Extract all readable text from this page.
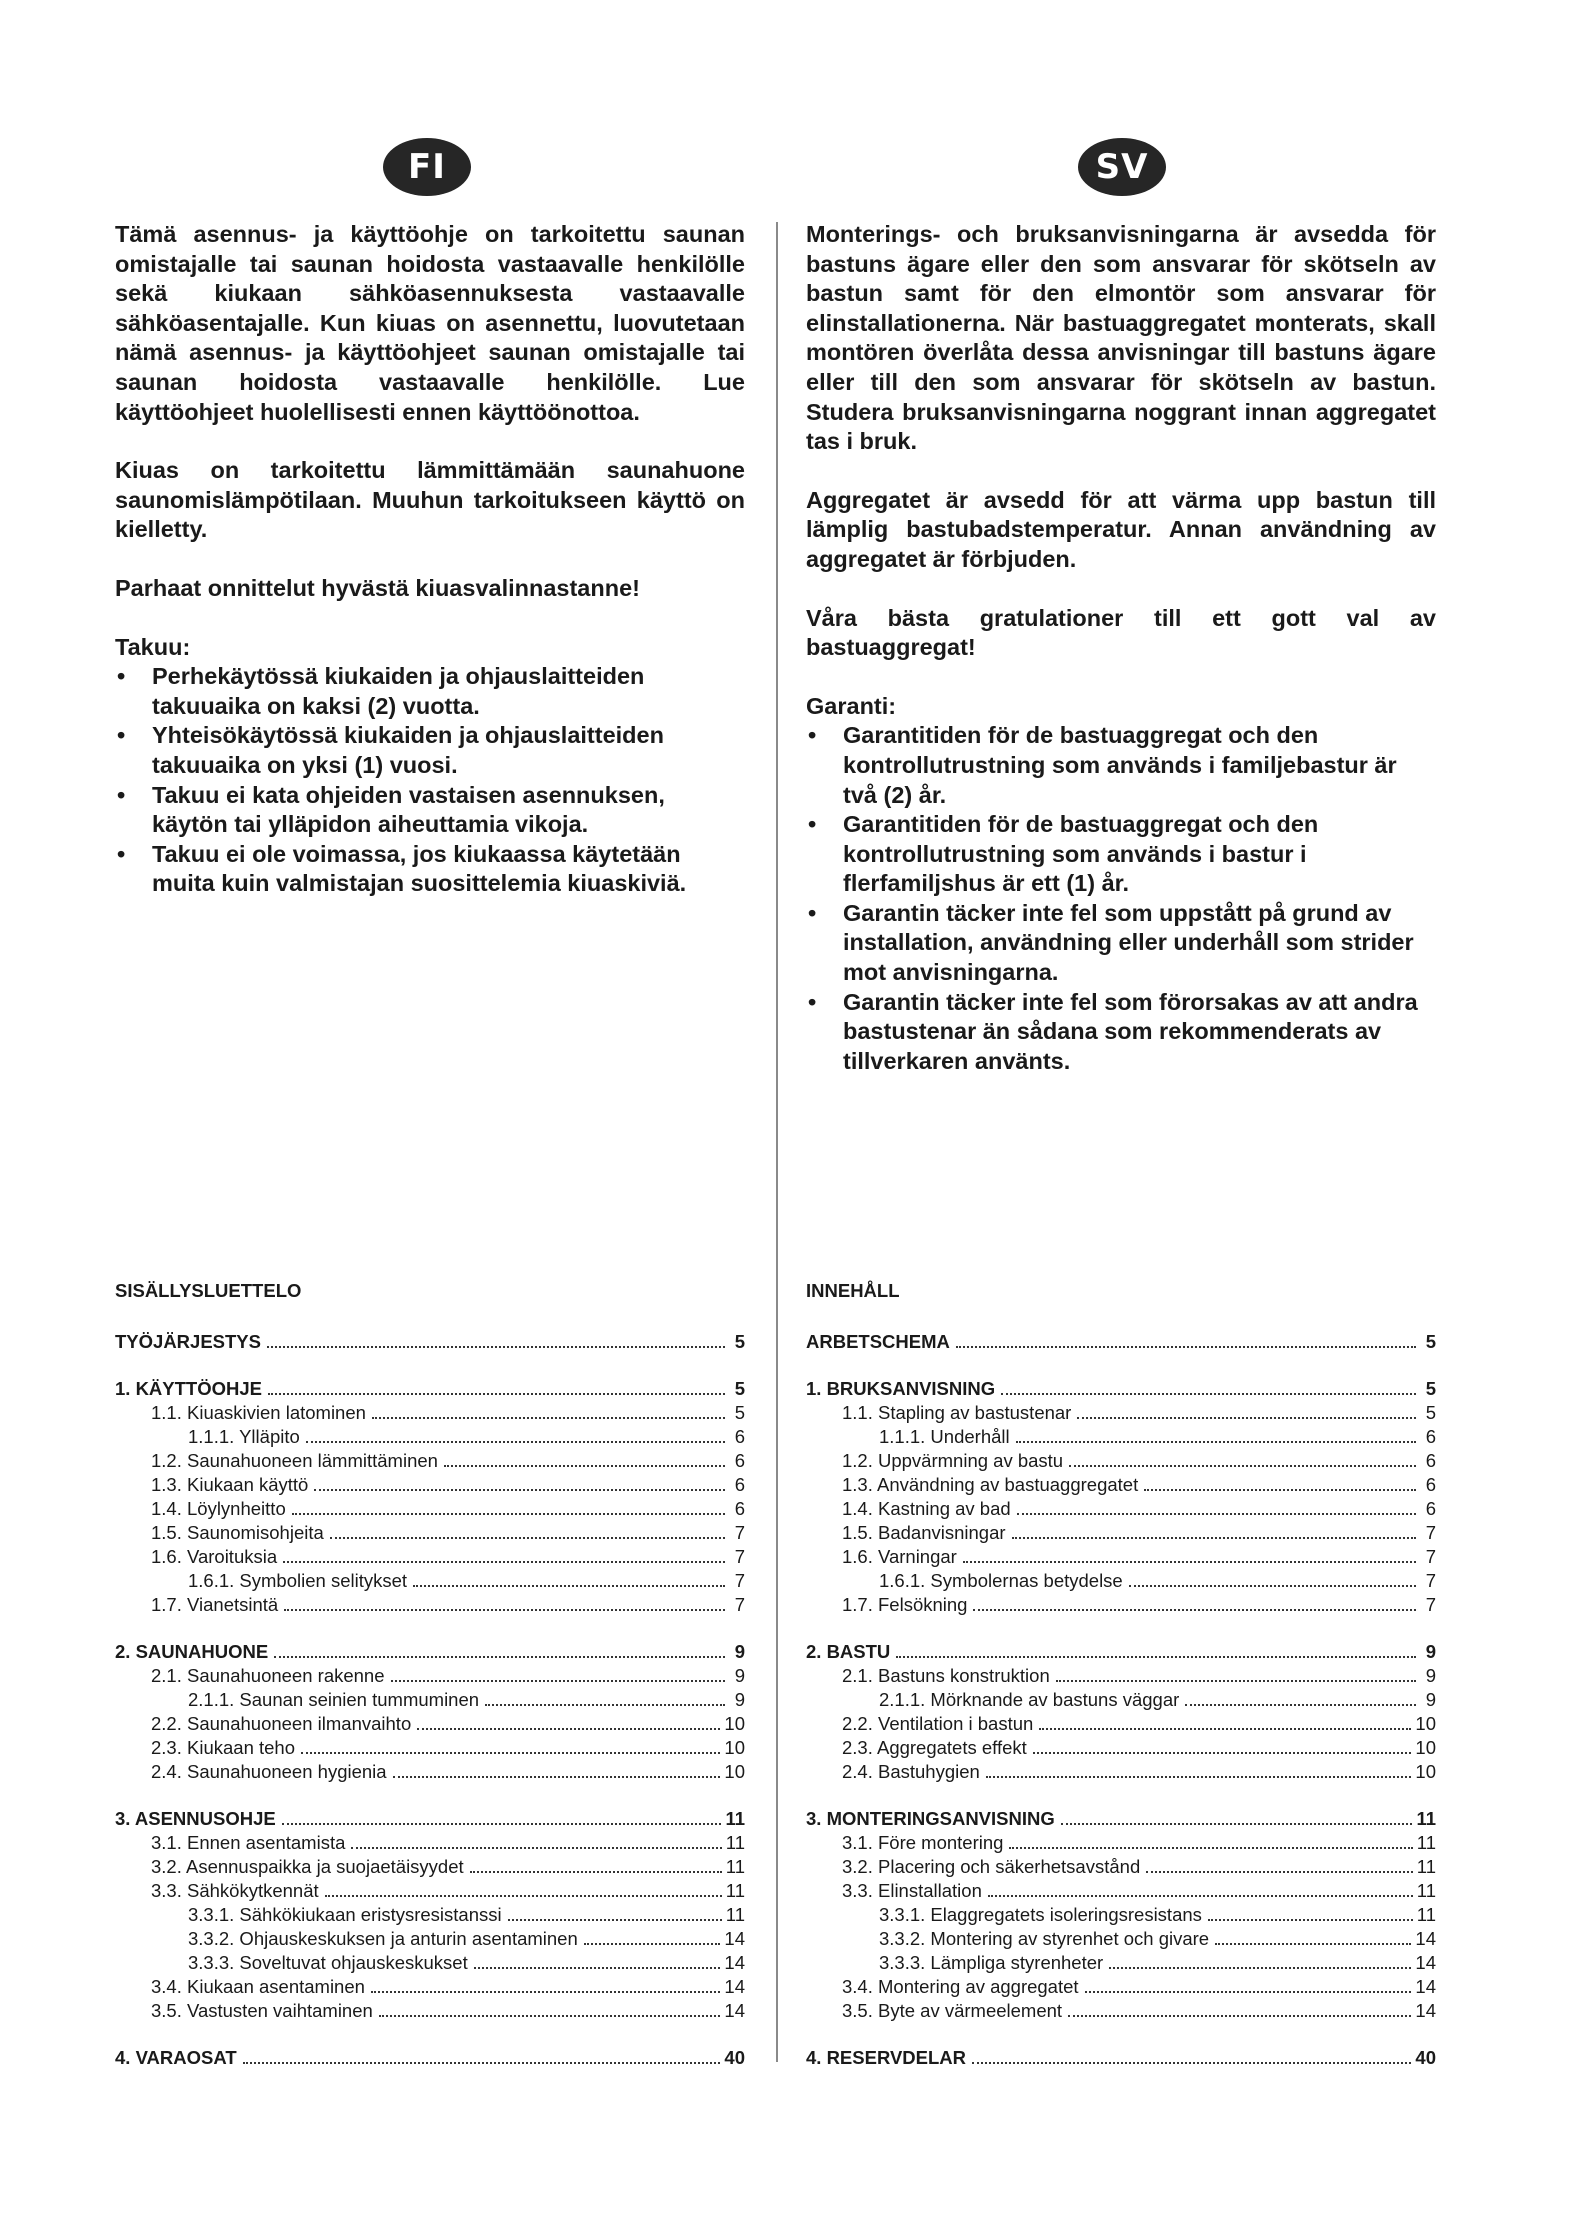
FI	SV

Tämä asennus- ja käyttöohje on tarkoitettu saunan omistajalle tai saunan hoidosta vastaavalle henkilölle sekä kiukaan sähköasennuksesta vastaavalle sähköasentajalle. Kun kiuas on asennettu, luovutetaan nämä asennus- ja käyttöohjeet saunan omistajalle tai saunan hoidosta vastaavalle henkilölle. Lue käyttöohjeet huolellisesti ennen käyttöönottoa.

Kiuas on tarkoitettu lämmittämään saunahuone saunomislämpötilaan. Muuhun tarkoitukseen käyttö on kielletty.

Parhaat onnittelut hyvästä kiuasvalinnastanne!

Takuu:

• Perhekäytössä kiukaiden ja ohjauslaitteiden takuuaika on kaksi (2) vuotta.
• Yhteisökäytössä kiukaiden ja ohjauslaitteiden takuuaika on yksi (1) vuosi.
• Takuu ei kata ohjeiden vastaisen asennuksen, käytön tai ylläpidon aiheuttamia vikoja.
• Takuu ei ole voimassa, jos kiukaassa käytetään muita kuin valmistajan suosittelemia kiuaskiviä.

Monterings- och bruksanvisningarna är avsedda för bastuns ägare eller den som ansvarar för skötseln av bastun samt för den elmontör som ansvarar för elinstallationerna. När bastuaggregatet monterats, skall montören överlåta dessa anvisningar till bastuns ägare eller till den som ansvarar för skötseln av bastun. Studera bruksanvisningarna noggrant innan aggregatet tas i bruk.

Aggregatet är avsedd för att värma upp bastun till lämplig bastubadstemperatur. Annan användning av aggregatet är förbjuden.

Våra bästa gratulationer till ett gott val av bastuaggregat!

Garanti:

• Garantitiden för de bastuaggregat och den kontrollutrustning som används i familjebastur är två (2) år.
• Garantitiden för de bastuaggregat och den kontrollutrustning som används i bastur i flerfamiljshus är ett (1) år.
• Garantin täcker inte fel som uppstått på grund av installation, användning eller underhåll som strider mot anvisningarna.
• Garantin täcker inte fel som förorsakas av att andra bastustenar än sådana som rekommenderats av tillverkaren använts.
SISÄLLYSLUETTELO
TYÖJÄRJESTYS	5
1. KÄYTTÖOHJE	5
1.1. Kiuaskivien latominen	5
1.1.1. Ylläpito	6
1.2. Saunahuoneen lämmittäminen	6
1.3. Kiukaan käyttö	6
1.4. Löylynheitto	6
1.5. Saunomisohjeita	7
1.6. Varoituksia	7
1.6.1. Symbolien selitykset	7
1.7. Vianetsintä	7
2. SAUNAHUONE	9
2.1. Saunahuoneen rakenne	9
2.1.1. Saunan seinien tummuminen	9
2.2. Saunahuoneen ilmanvaihto	10
2.3. Kiukaan teho	10
2.4. Saunahuoneen hygienia	10
3. ASENNUSOHJE	11
3.1. Ennen asentamista	11
3.2. Asennuspaikka ja suojaetäisyydet	11
3.3. Sähkökytkennät	11
3.3.1. Sähkökiukaan eristysresistanssi	11
3.3.2. Ohjauskeskuksen ja anturin asentaminen	14
3.3.3. Soveltuvat ohjauskeskukset	14
3.4. Kiukaan asentaminen	14
3.5. Vastusten vaihtaminen	14
4. VARAOSAT	40
INNEHÅLL
ARBETSCHEMA	5
1. BRUKSANVISNING	5
1.1. Stapling av bastustenar	5
1.1.1. Underhåll	6
1.2. Uppvärmning av bastu	6
1.3. Användning av bastuaggregatet	6
1.4. Kastning av bad	6
1.5. Badanvisningar	7
1.6. Varningar	7
1.6.1. Symbolernas betydelse	7
1.7. Felsökning	7
2. BASTU	9
2.1. Bastuns konstruktion	9
2.1.1. Mörknande av bastuns väggar	9
2.2. Ventilation i bastun	10
2.3. Aggregatets effekt	10
2.4. Bastuhygien	10
3. MONTERINGSANVISNING	11
3.1. Före montering	11
3.2. Placering och säkerhetsavstånd	11
3.3. Elinstallation	11
3.3.1. Elaggregatets isoleringsresistans	11
3.3.2. Montering av styrenhet och givare	14
3.3.3. Lämpliga styrenheter	14
3.4. Montering av aggregatet	14
3.5. Byte av värmeelement	14
4. RESERVDELAR	40
